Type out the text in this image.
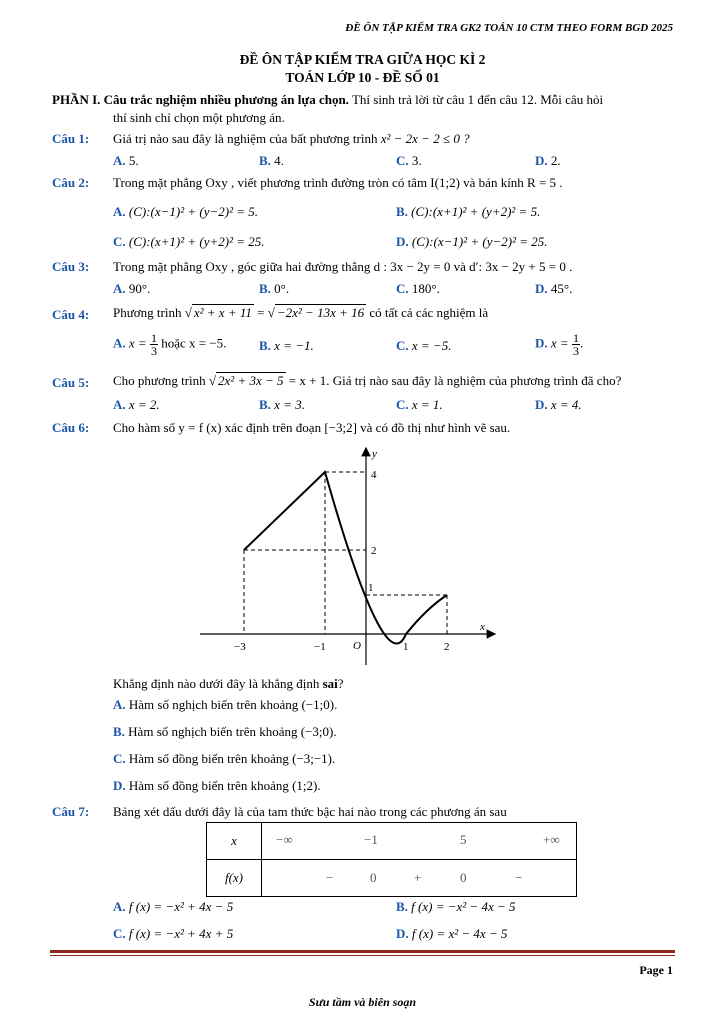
ĐỀ ÔN TẬP KIỂM TRA GK2 TOÁN 10 CTM THEO FORM BGD 2025
ĐỀ ÔN TẬP KIỂM TRA GIỮA HỌC KÌ 2
TOÁN LỚP 10 - ĐỀ SỐ 01
PHẦN I. Câu trắc nghiệm nhiều phương án lựa chọn. Thí sinh trả lời từ câu 1 đến câu 12. Mỗi câu hỏi
thí sinh chỉ chọn một phương án.
Câu 1: Giá trị nào sau đây là nghiệm của bất phương trình x² − 2x − 2 ≤ 0 ?
A. 5.	B. 4.	C. 3.	D. 2.
Câu 2: Trong mặt phẳng Oxy , viết phương trình đường tròn có tâm I(1;2) và bán kính R = 5 .
A. (C):(x−1)² + (y−2)² = 5.	B. (C):(x+1)² + (y+2)² = 5.
C. (C):(x+1)² + (y+2)² = 25.	D. (C):(x−1)² + (y−2)² = 25.
Câu 3: Trong mặt phẳng Oxy , góc giữa hai đường thẳng d : 3x − 2y = 0 và d′: 3x − 2y + 5 = 0 .
A. 90°.	B. 0°.	C. 180°.	D. 45°.
Câu 4: Phương trình √ x² + x + 11 = √ −2x² − 13x + 16 có tất cả các nghiệm là
A. $x = \frac{1}{3}$ hoặc x = −5.	B. x = −1.	C. x = −5.	D. $x = \frac{1}{3}$ .
Câu 5: Cho phương trình √ 2x² + 3x − 5 = x + 1. Giá trị nào sau đây là nghiệm của phương trình đã cho?
A. x = 2.	B. x = 3.	C. x = 1.	D. x = 4.
Câu 6: Cho hàm số y = f (x) xác định trên đoạn [−3;2] và có đồ thị như hình vẽ sau.
x
y
O
−3	−1	1	2
4
2
1
Khẳng định nào dưới đây là khẳng định sai?
A. Hàm số nghịch biến trên khoảng (−1;0).
B. Hàm số nghịch biến trên khoảng (−3;0).
C. Hàm số đồng biến trên khoảng (−3;−1).
D. Hàm số đồng biến trên khoảng (1;2).
Câu 7: Bảng xét dấu dưới đây là của tam thức bậc hai nào trong các phương án sau
x	−∞ −1 5 +∞

f(x)	− 0 + 0 −
A. f (x) = −x² + 4x − 5	B. f (x) = −x² − 4x − 5
C. f (x) = −x² + 4x + 5	D. f (x) = x² − 4x − 5
Page 1
Sưu tầm và biên soạn
